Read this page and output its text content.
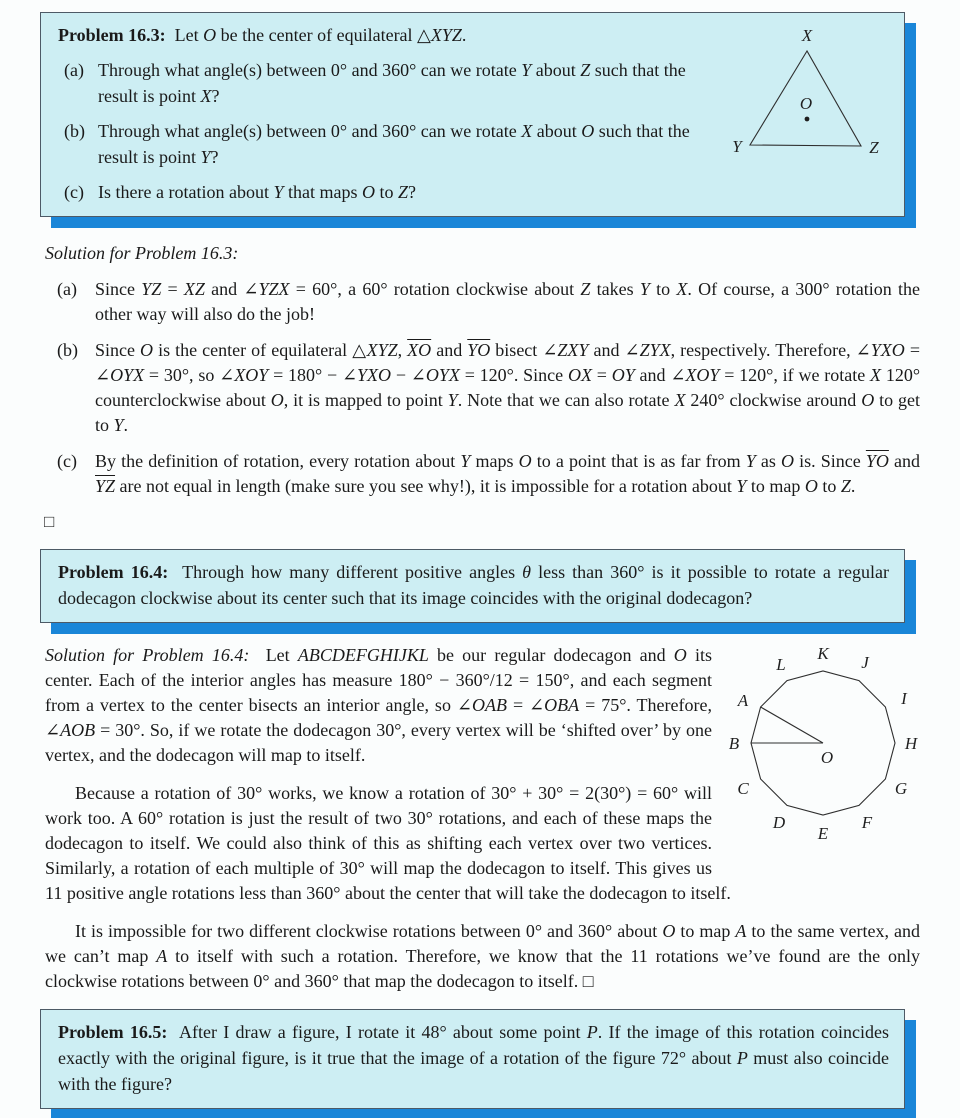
Problem 16.3:  Let O be the center of equilateral △XYZ.

(a) Through what angle(s) between 0° and 360° can we rotate Y about Z such that the result is point X?
(b) Through what angle(s) between 0° and 360° can we rotate X about O such that the result is point Y?
(c) Is there a rotation about Y that maps O to Z?
X
Y	Z
O

Solution for Problem 16.3:

(a)	Since YZ = XZ and ∠YZX = 60°, a 60° rotation clockwise about Z takes Y to X. Of course, a 300° rotation the other way will also do the job!
(b) Since O is the center of equilateral △XYZ, $\overline{XO}$ and $\overline{YO}$ bisect ∠ZXY and ∠ZYX, respectively. Therefore, ∠YXO = ∠OYX = 30°, so ∠XOY = 180° − ∠YXO − ∠OYX = 120°. Since OX = OY and ∠XOY = 120°, if we rotate X 120° counterclockwise about O, it is mapped to point Y. Note that we can also rotate X 240° clockwise around O to get to Y.
(c)	By the definition of rotation, every rotation about Y maps O to a point that is as far from Y as O is. Since $\overline{YO}$ and $\overline{YZ}$ are not equal in length (make sure you see why!), it is impossible for a rotation about Y to map O to Z.
□

Problem 16.4:  Through how many different positive angles θ less than 360° is it possible to rotate a regular dodecagon clockwise about its center such that its image coincides with the original dodecagon?

A
B
C
D
E
F
G
H
I
J
K
L
O

Solution for Problem 16.4:  Let ABCDEFGHIJKL be our regular dodecagon and O its center. Each of the interior angles has measure 180° − 360°/12 = 150°, and each segment from a vertex to the center bisects an interior angle, so ∠OAB = ∠OBA = 75°. Therefore, ∠AOB = 30°. So, if we rotate the dodecagon 30°, every vertex will be ‘shifted over’ by one vertex, and the dodecagon will map to itself.

Because a rotation of 30° works, we know a rotation of 30° + 30° = 2(30°) = 60° will work too. A 60° rotation is just the result of two 30° rotations, and each of these maps the dodecagon to itself. We could also think of this as shifting each vertex over two vertices. Similarly, a rotation of each multiple of 30° will map the dodecagon to itself. This gives us 11 positive angle rotations less than 360° about the center that will take the dodecagon to itself.

It is impossible for two different clockwise rotations between 0° and 360° about O to map A to the same vertex, and we can’t map A to itself with such a rotation. Therefore, we know that the 11 rotations we’ve found are the only clockwise rotations between 0° and 360° that map the dodecagon to itself. □

Problem 16.5:  After I draw a figure, I rotate it 48° about some point P. If the image of this rotation coincides exactly with the original figure, is it true that the image of a rotation of the figure 72° about P must also coincide with the figure?
